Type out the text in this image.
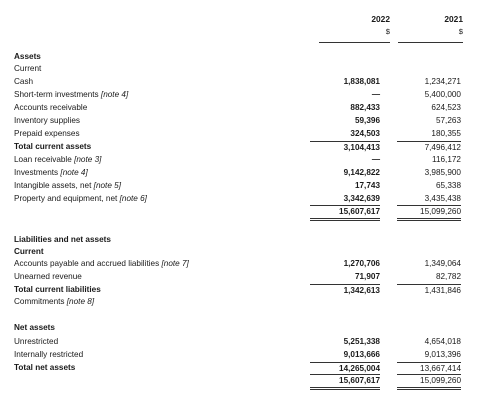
2022
$
2021
$
Assets
Current
Cash	1,838,081	1,234,271
Short-term investments [note 4]	—	5,400,000
Accounts receivable	882,433	624,523
Inventory supplies	59,396	57,263
Prepaid expenses	324,503	180,355
Total current assets	3,104,413	7,496,412
Loan receivable [note 3]	—	116,172
Investments [note 4]	9,142,822	3,985,900
Intangible assets, net [note 5]	17,743	65,338
Property and equipment, net [note 6]	3,342,639	3,435,438
15,607,617	15,099,260
Liabilities and net assets
Current
Accounts payable and accrued liabilities [note 7]	1,270,706	1,349,064
Unearned revenue	71,907	82,782
Total current liabilities	1,342,613	1,431,846
Commitments [note 8]
Net assets
Unrestricted	5,251,338	4,654,018
Internally restricted	9,013,666	9,013,396
Total net assets	14,265,004	13,667,414
15,607,617	15,099,260
